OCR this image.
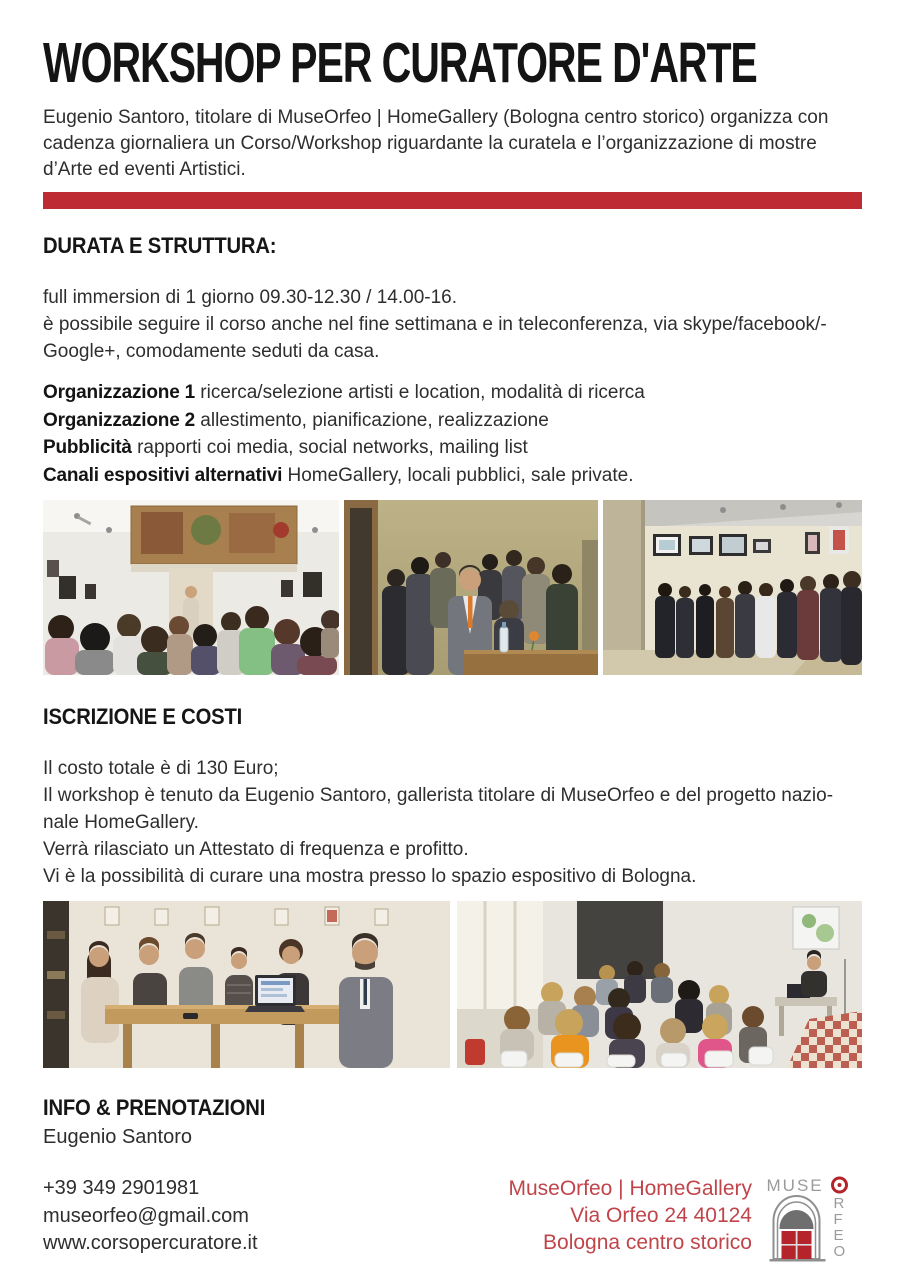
WORKSHOP PER CURATORE D'ARTE
Eugenio Santoro, titolare di MuseOrfeo | HomeGallery (Bologna centro storico) organizza con
cadenza giornaliera un Corso/Workshop riguardante la curatela e l’organizzazione di mostre
d’Arte ed eventi Artistici.
DURATA E STRUTTURA:
full immersion di 1 giorno 09.30-12.30 / 14.00-16.
è possibile seguire il corso anche nel fine settimana e in teleconferenza, via skype/facebook/-
Google+, comodamente seduti da casa.
Organizzazione 1 ricerca/selezione artisti e location, modalità di ricerca
Organizzazione 2 allestimento, pianificazione, realizzazione
Pubblicità rapporti coi media, social networks, mailing list
Canali espositivi alternativi HomeGallery, locali pubblici, sale private.
ISCRIZIONE E COSTI
Il costo totale è di 130 Euro;
Il workshop è tenuto da Eugenio Santoro, gallerista titolare di MuseOrfeo e del progetto nazio-
nale HomeGallery.
Verrà rilasciato un Attestato di frequenza e profitto.
Vi è la possibilità di curare una mostra presso lo spazio espositivo di Bologna.
INFO & PRENOTAZIONI
Eugenio Santoro
+39 349 2901981
museorfeo@gmail.com
www.corsopercuratore.it
MuseOrfeo | HomeGallery
Via Orfeo 24 40124
Bologna centro storico
MUSE
R
F
E
O
